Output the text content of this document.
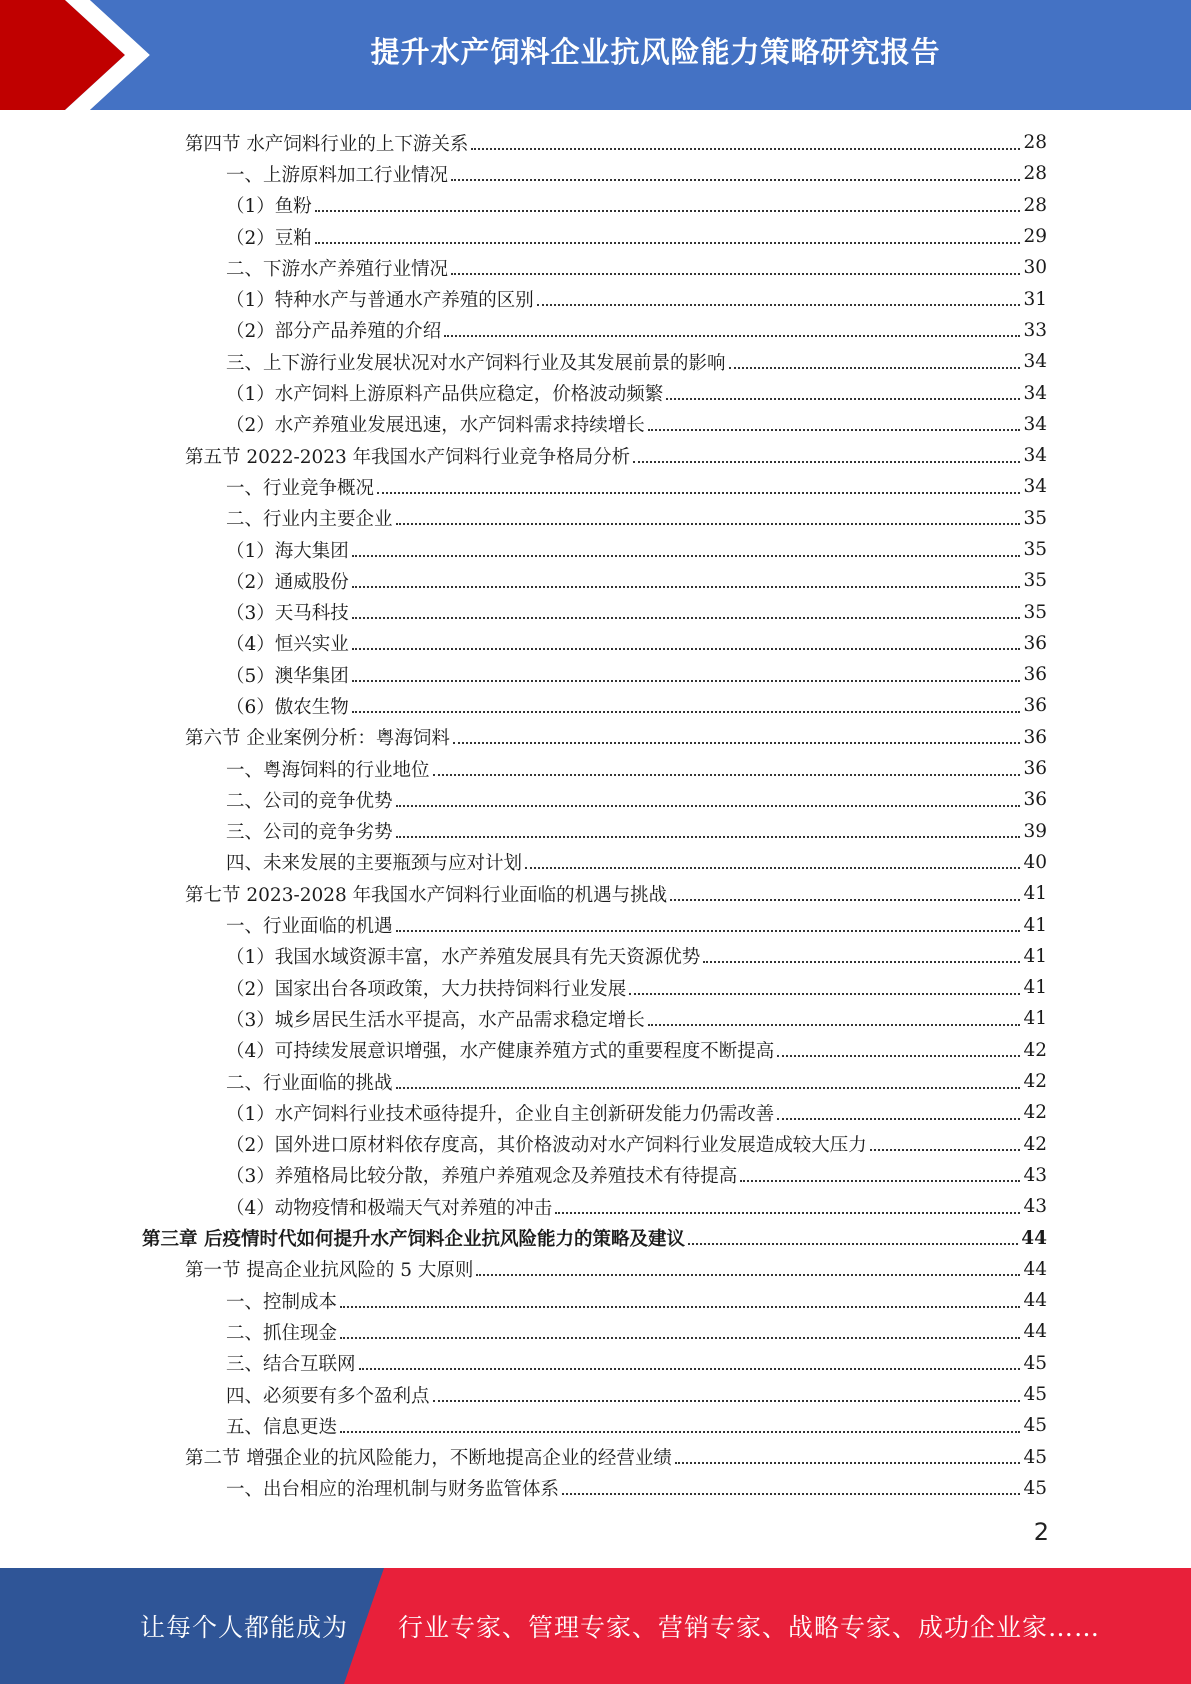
提升水产饲料企业抗风险能力策略研究报告
第四节 水产饲料行业的上下游关系	28
一、上游原料加工行业情况	28
（1）鱼粉	28
（2）豆粕	29
二、下游水产养殖行业情况	30
（1）特种水产与普通水产养殖的区别	31
（2）部分产品养殖的介绍	33
三、上下游行业发展状况对水产饲料行业及其发展前景的影响	34
（1）水产饲料上游原料产品供应稳定，价格波动频繁	34
（2）水产养殖业发展迅速，水产饲料需求持续增长	34
第五节 2022-2023 年我国水产饲料行业竞争格局分析	34
一、行业竞争概况	34
二、行业内主要企业	35
（1）海大集团	35
（2）通威股份	35
（3）天马科技	35
（4）恒兴实业	36
（5）澳华集团	36
（6）傲农生物	36
第六节 企业案例分析：粤海饲料	36
一、粤海饲料的行业地位	36
二、公司的竞争优势	36
三、公司的竞争劣势	39
四、未来发展的主要瓶颈与应对计划	40
第七节 2023-2028 年我国水产饲料行业面临的机遇与挑战	41
一、行业面临的机遇	41
（1）我国水域资源丰富，水产养殖发展具有先天资源优势	41
（2）国家出台各项政策，大力扶持饲料行业发展	41
（3）城乡居民生活水平提高，水产品需求稳定增长	41
（4）可持续发展意识增强，水产健康养殖方式的重要程度不断提高	42
二、行业面临的挑战	42
（1）水产饲料行业技术亟待提升，企业自主创新研发能力仍需改善	42
（2）国外进口原材料依存度高，其价格波动对水产饲料行业发展造成较大压力	42
（3）养殖格局比较分散，养殖户养殖观念及养殖技术有待提高	43
（4）动物疫情和极端天气对养殖的冲击	43
第三章 后疫情时代如何提升水产饲料企业抗风险能力的策略及建议	44
第一节 提高企业抗风险的 5 大原则	44
一、控制成本	44
二、抓住现金	44
三、结合互联网	45
四、必须要有多个盈利点	45
五、信息更迭	45
第二节 增强企业的抗风险能力，不断地提高企业的经营业绩	45
一、出台相应的治理机制与财务监管体系	45
2
让每个人都能成为 行业专家、管理专家、营销专家、战略专家、成功企业家……
